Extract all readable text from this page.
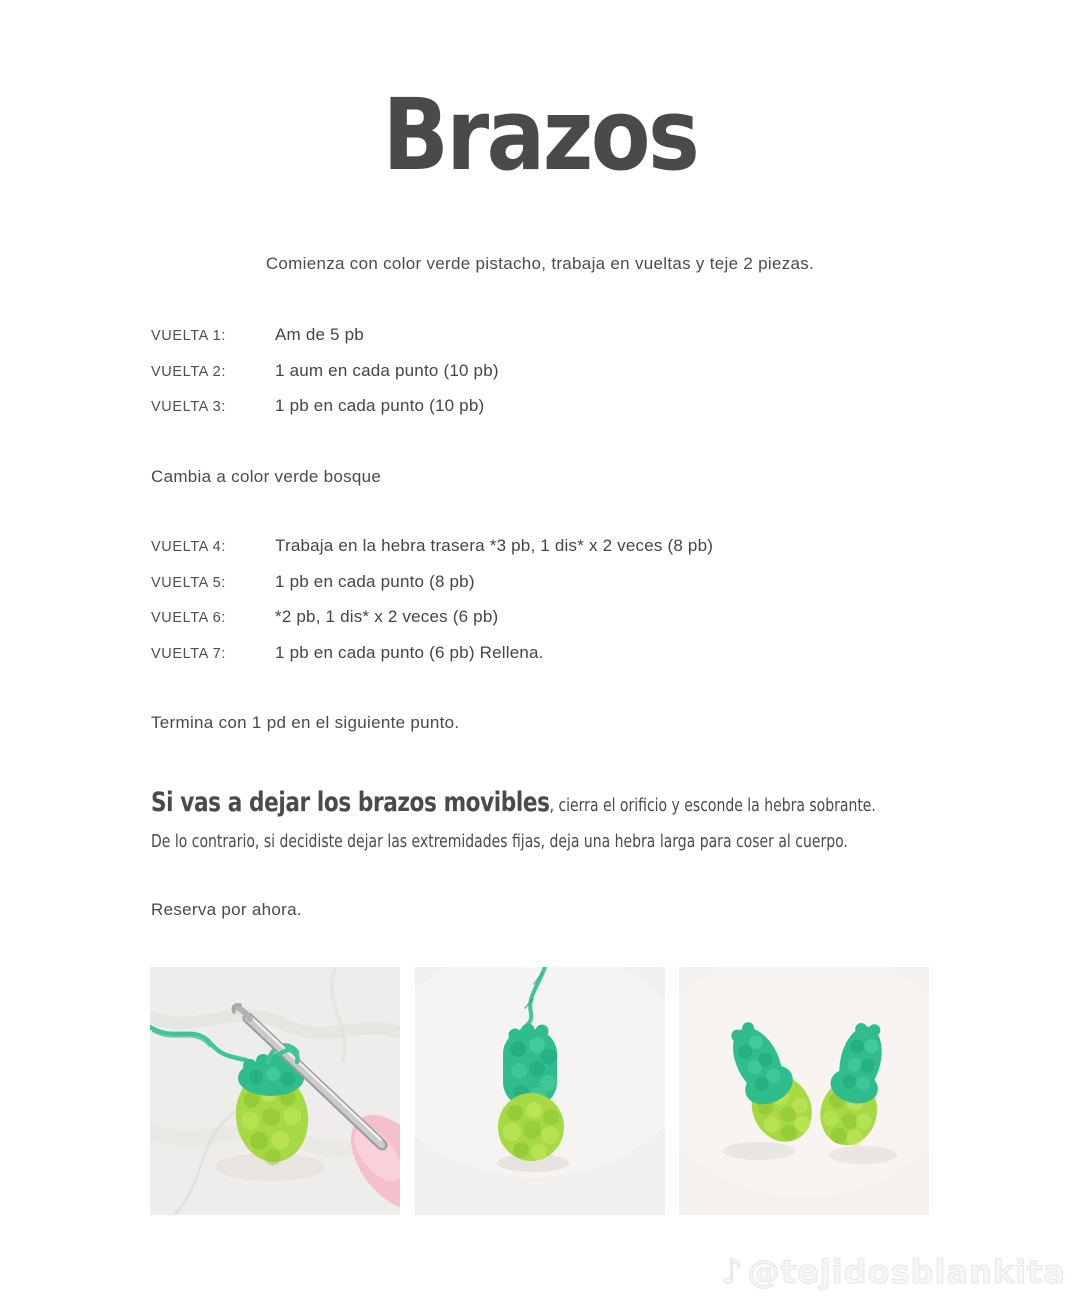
Brazos

Comienza con color verde pistacho, trabaja en vueltas y teje 2 piezas.

VUELTA 1:	Am de 5 pb
VUELTA 2:	1 aum en cada punto (10 pb)
VUELTA 3:	1 pb en cada punto (10 pb)

Cambia a color verde bosque

VUELTA 4:	Trabaja en la hebra trasera *3 pb, 1 dis* x 2 veces (8 pb)
VUELTA 5:	1 pb en cada punto (8 pb)
VUELTA 6:	*2 pb, 1 dis* x 2 veces (6 pb)
VUELTA 7:	1 pb en cada punto (6 pb) Rellena.

Termina con 1 pd en el siguiente punto.

Si vas a dejar los brazos movibles, cierra el orificio y esconde la hebra sobrante.
De lo contrario, si decidiste dejar las extremidades fijas, deja una hebra larga para coser al cuerpo.

Reserva por ahora.

♪ @tejidosblankita
